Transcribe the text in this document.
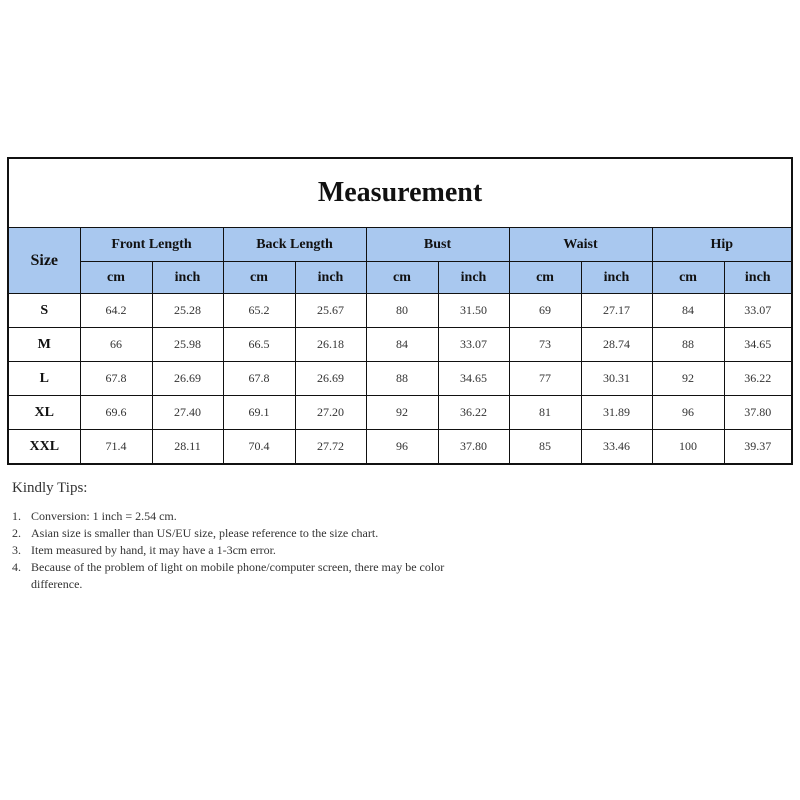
Measurement
Size	Front Length		Back Length		Bust		Waist		Hip	
	cm	inch	cm	inch	cm	inch	cm	inch	cm	inch
S	64.2	25.28	65.2	25.67	80	31.50	69	27.17	84	33.07
M	66	25.98	66.5	26.18	84	33.07	73	28.74	88	34.65
L	67.8	26.69	67.8	26.69	88	34.65	77	30.31	92	36.22
XL	69.6	27.40	69.1	27.20	92	36.22	81	31.89	96	37.80
XXL	71.4	28.11	70.4	27.72	96	37.80	85	33.46	100	39.37
Kindly Tips:
1. Conversion: 1 inch = 2.54 cm.
2. Asian size is smaller than US/EU size, please reference to the size chart.
3. Item measured by hand, it may have a 1-3cm error.
4. Because of the problem of light on mobile phone/computer screen, there may be color difference.
